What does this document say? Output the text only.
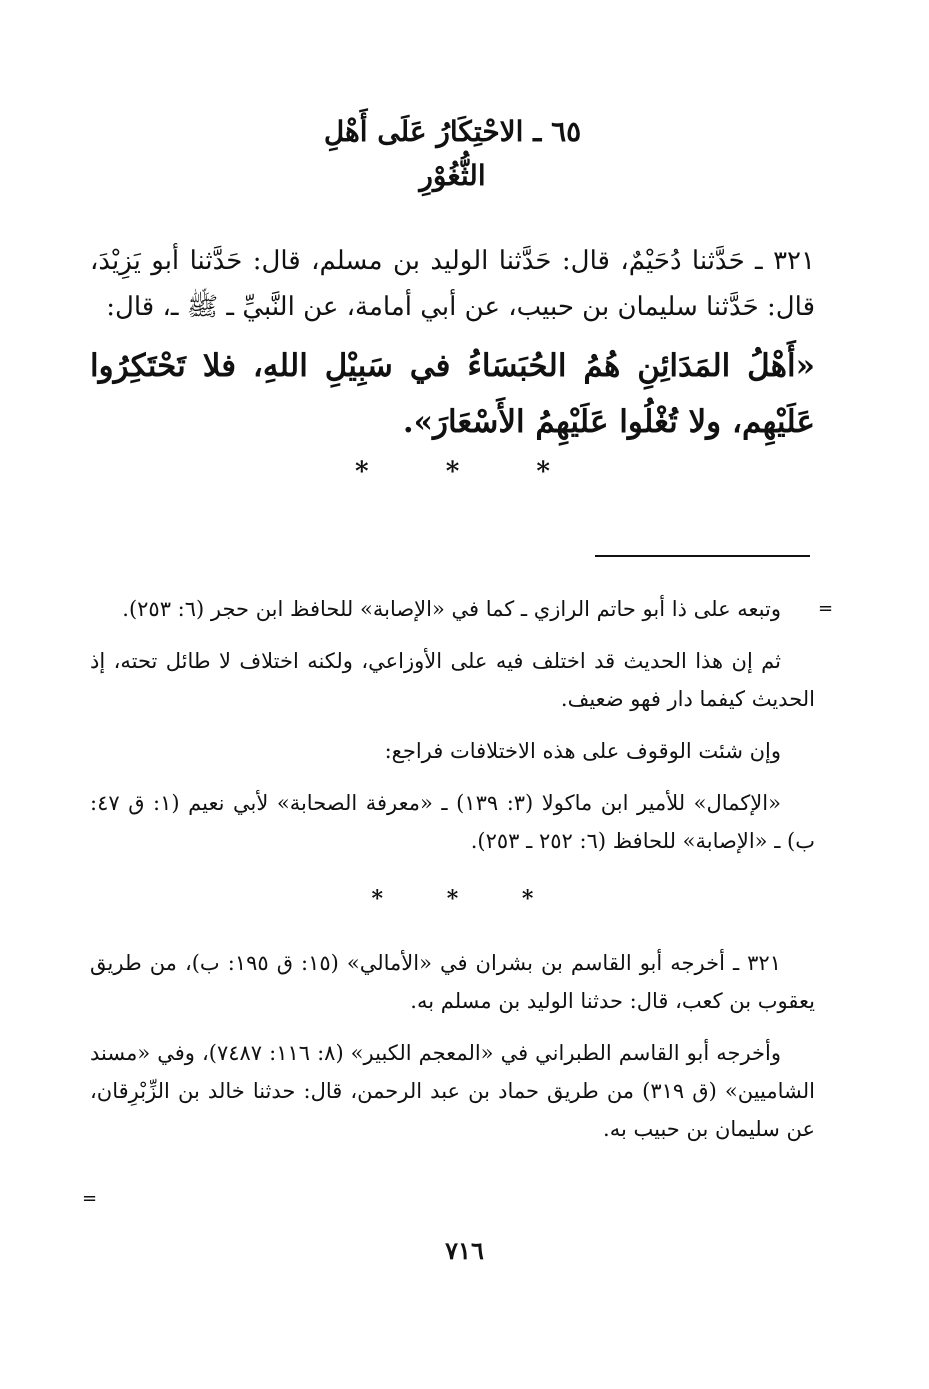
٦٥ ـ الاحْتِكَارُ عَلَى أَهْلِ
الثُّغُوْرِ

٣٢١ ـ حَدَّثنا دُحَيْمٌ، قال: حَدَّثنا الوليد بن مسلم، قال: حَدَّثنا أبو يَزِيْدَ، قال: حَدَّثنا سليمان بن حبيب، عن أبي أمامة، عن النَّبيِّ ـ ﷺ ـ، قال:

«أَهْلُ المَدَائِنِ هُمُ الحُبَسَاءُ في سَبِيْلِ اللهِ، فلا تَحْتَكِرُوا عَلَيْهِم، ولا تُغْلُوا عَلَيْهِمُ الأَسْعَارَ».

* * *
=

وتبعه على ذا أبو حاتم الرازي ـ كما في «الإصابة» للحافظ ابن حجر (٦: ٢٥٣).

ثم إن هذا الحديث قد اختلف فيه على الأوزاعي، ولكنه اختلاف لا طائل تحته، إذ الحديث كيفما دار فهو ضعيف.

وإن شئت الوقوف على هذه الاختلافات فراجع:

«الإكمال» للأمير ابن ماكولا (٣: ١٣٩) ـ «معرفة الصحابة» لأبي نعيم (١: ق ٤٧: ب) ـ «الإصابة» للحافظ (٦: ٢٥٢ ـ ٢٥٣).

* * *

٣٢١ ـ أخرجه أبو القاسم بن بشران في «الأمالي» (١٥: ق ١٩٥: ب)، من طريق يعقوب بن كعب، قال: حدثنا الوليد بن مسلم به.

وأخرجه أبو القاسم الطبراني في «المعجم الكبير» (٨: ١١٦: ٧٤٨٧)، وفي «مسند الشاميين» (ق ٣١٩) من طريق حماد بن عبد الرحمن، قال: حدثنا خالد بن الزِّبْرِقان، عن سليمان بن حبيب به.

=
٧١٦
